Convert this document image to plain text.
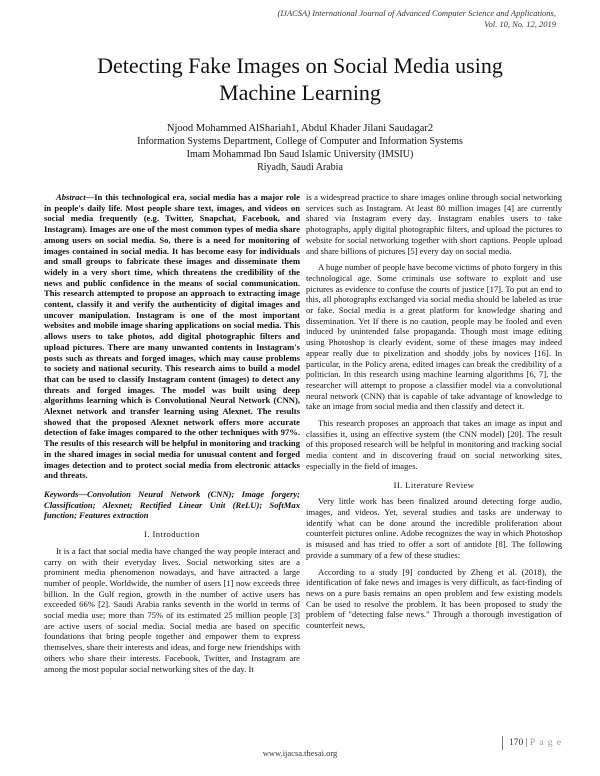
(IJACSA) International Journal of Advanced Computer Science and Applications,
Vol. 10, No. 12, 2019
Detecting Fake Images on Social Media using
Machine Learning
Njood Mohammed AlShariah1, Abdul Khader Jilani Saudagar2
Information Systems Department, College of Computer and Information Systems
Imam Mohammad Ibn Saud Islamic University (IMSIU)
Riyadh, Saudi Arabia

Abstract—In this technological era, social media has a major role in people's daily life. Most people share text, images, and videos on social media frequently (e.g. Twitter, Snapchat, Facebook, and Instagram). Images are one of the most common types of media share among users on social media. So, there is a need for monitoring of images contained in social media. It has become easy for individuals and small groups to fabricate these images and disseminate them widely in a very short time, which threatens the credibility of the news and public confidence in the means of social communication. This research attempted to propose an approach to extracting image content, classify it and verify the authenticity of digital images and uncover manipulation. Instagram is one of the most important websites and mobile image sharing applications on social media. This allows users to take photos, add digital photographic filters and upload pictures. There are many unwanted contents in Instagram's posts such as threats and forged images, which may cause problems to society and national security. This research aims to build a model that can be used to classify Instagram content (images) to detect any threats and forged images. The model was built using deep algorithms learning which is Convolutional Neural Network (CNN), Alexnet network and transfer learning using Alexnet. The results showed that the proposed Alexnet network offers more accurate detection of fake images compared to the other techniques with 97%. The results of this research will be helpful in monitoring and tracking in the shared images in social media for unusual content and forged images detection and to protect social media from electronic attacks and threats.

Keywords—Convolution Neural Network (CNN); Image forgery; Classification; Alexnet; Rectified Linear Unit (ReLU); SoftMax function; Features extraction

I. Introduction

It is a fact that social media have changed the way people interact and carry on with their everyday lives. Social networking sites are a prominent media phenomenon nowadays, and have attracted a large number of people. Worldwide, the number of users [1] now exceeds three billion. In the Gulf region, growth in the number of active users has exceeded 66% [2]. Saudi Arabia ranks seventh in the world in terms of social media use; more than 75% of its estimated 25 million people [3] are active users of social media. Social media are based on specific foundations that bring people together and empower them to express themselves, share their interests and ideas, and forge new friendships with others who share their interests. Facebook, Twitter, and Instagram are among the most popular social networking sites of the day. It

is a widespread practice to share images online through social networking services such as Instagram. At least 80 million images [4] are currently shared via Instagram every day. Instagram enables users to take photographs, apply digital photographic filters, and upload the pictures to website for social networking together with short captions. People upload and share billions of pictures [5] every day on social media.

A huge number of people have become victims of photo forgery in this technological age. Some criminals use software to exploit and use pictures as evidence to confuse the courts of justice [17]. To put an end to this, all photographs exchanged via social media should be labeled as true or fake. Social media is a great platform for knowledge sharing and dissemination. Yet If there is no caution, people may be fooled and even induced by unintended false propaganda. Though most image editing using Photoshop is clearly evident, some of these images may indeed appear really due to pixelization and shoddy jobs by novices [16]. In particular, in the Policy arena, edited images can break the credibility of a politician. In this research using machine learning algorithms [6, 7], the researcher will attempt to propose a classifier model via a convolutional neural network (CNN) that is capable of take advantage of knowledge to take an image from social media and then classify and detect it.

This research proposes an approach that takes an image as input and classifies it, using an effective system (the CNN model) [20]. The result of this proposed research will be helpful in monitoring and tracking social media content and in discovering fraud on social networking sites, especially in the field of images.

II. Literature Review

Very little work has been finalized around detecting forge audio, images, and videos. Yet, several studies and tasks are underway to identify what can be done around the incredible proliferation about counterfeit pictures online. Adobe recognizes the way in which Photoshop is misused and has tried to offer a sort of antidote [8]. The following provide a summary of a few of these studies:

According to a study [9] conducted by Zheng et al. (2018), the identification of fake news and images is very difficult, as fact-finding of news on a pure basis remains an open problem and few existing models Can be used to resolve the problem. It has been proposed to study the problem of "detecting false news." Through a thorough investigation of counterfeit news,

170 | P a g e
www.ijacsa.thesai.org
